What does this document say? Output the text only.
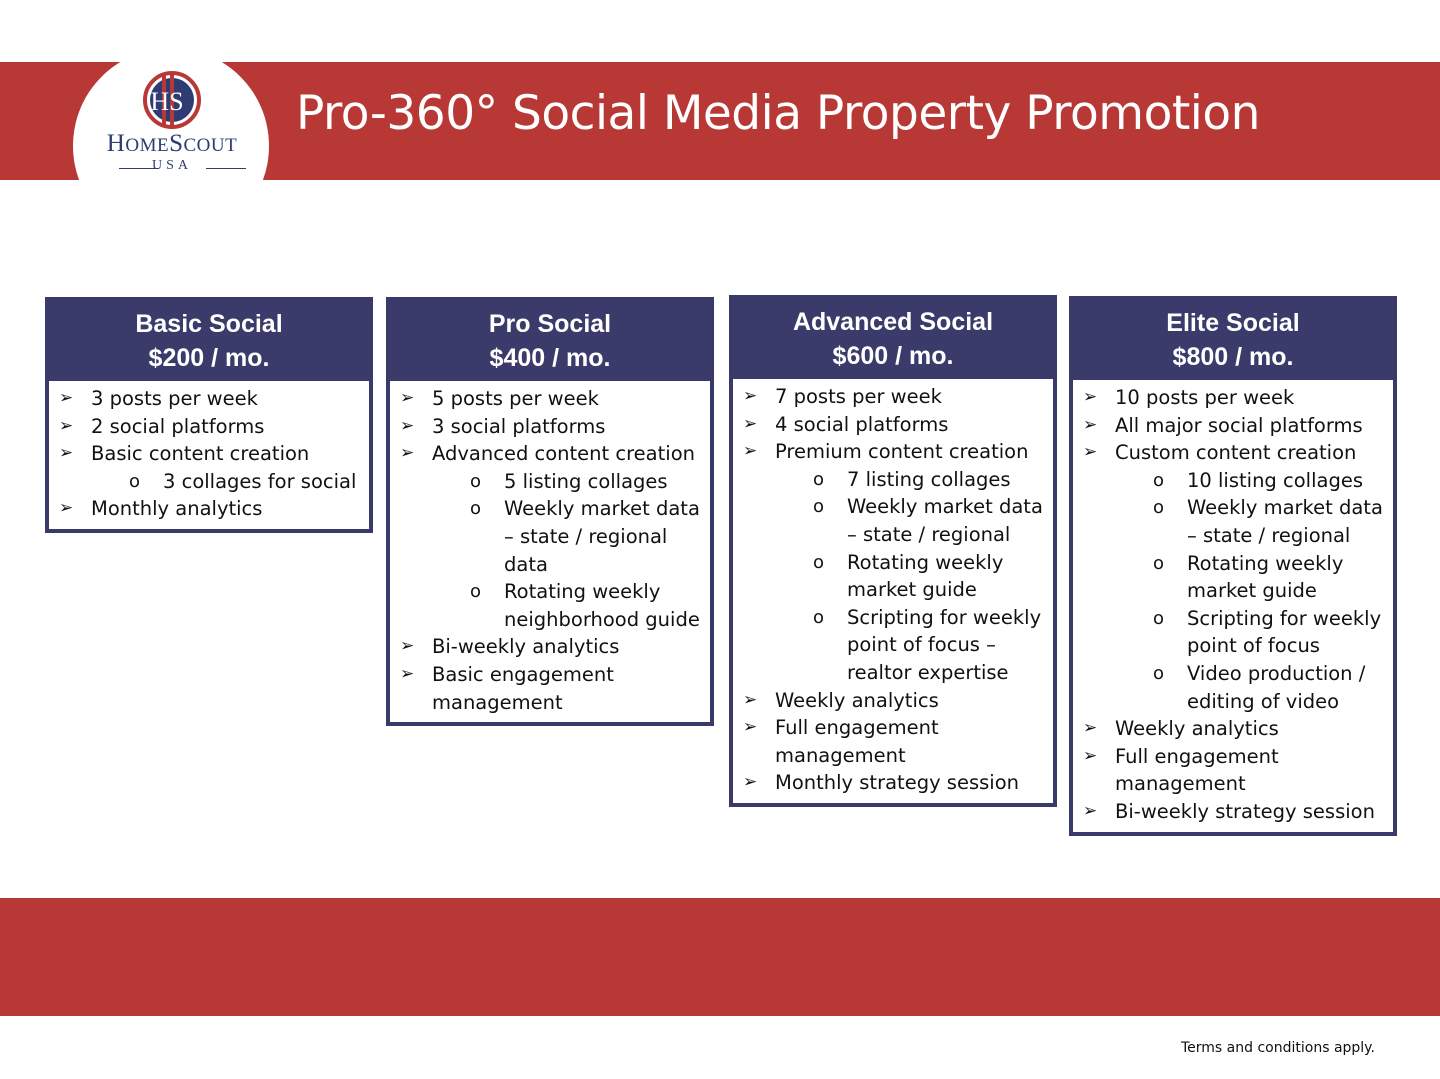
HS
HOMESCOUT
USA
Pro-360° Social Media Property Promotion
Basic Social
$200 / mo.
➢ 3 posts per week
➢ 2 social platforms
➢ Basic content creation
o 3 collages for social
➢ Monthly analytics
Pro Social
$400 / mo.
➢ 5 posts per week
➢ 3 social platforms
➢ Advanced content creation
o 5 listing collages
o Weekly market data – state / regional data
o Rotating weekly neighborhood guide
➢ Bi-weekly analytics
➢ Basic engagement management
Advanced Social
$600 / mo.
➢ 7 posts per week
➢ 4 social platforms
➢ Premium content creation
o 7 listing collages
o Weekly market data – state / regional
o Rotating weekly market guide
o Scripting for weekly point of focus – realtor expertise
➢ Weekly analytics
➢ Full engagement management
➢ Monthly strategy session
Elite Social
$800 / mo.
➢ 10 posts per week
➢ All major social platforms
➢ Custom content creation
o 10 listing collages
o Weekly market data – state / regional
o Rotating weekly market guide
o Scripting for weekly point of focus
o Video production / editing of video
➢ Weekly analytics
➢ Full engagement management
➢ Bi-weekly strategy session
Terms and conditions apply.
